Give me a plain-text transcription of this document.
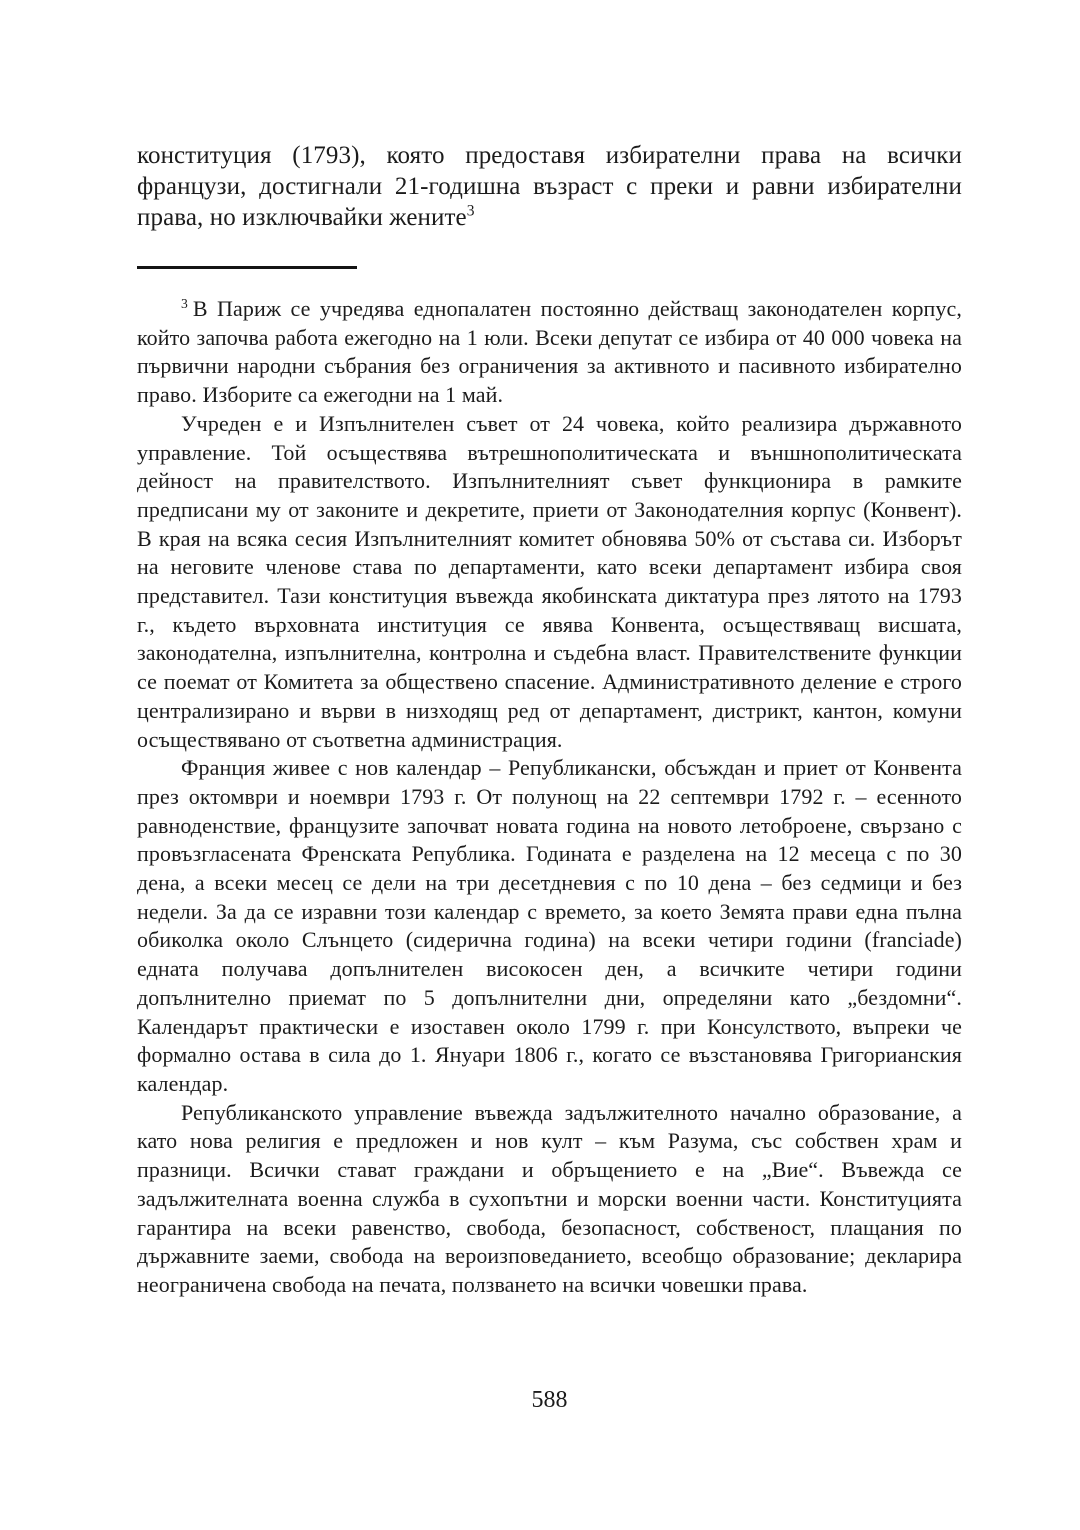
конституция (1793), която предоставя избирателни права на всички французи, достигнали 21-годишна възраст с преки и равни избирателни права, но изключвайки жените$^3$

$^3$ В Париж се учредява еднопалатен постоянно действащ законодателен корпус, който започва работа ежегодно на 1 юли. Всеки депутат се избира от 40 000 човека на първични народни събрания без ограничения за активното и пасивното избирателно право. Изборите са ежегодни на 1 май.

Учреден е и Изпълнителен съвет от 24 човека, който реализира държавното управление. Той осъществява вътрешнополитическата и външнополитическата дейност на правителството. Изпълнителният съвет функционира в рамките предписани му от законите и декретите, приети от Законодателния корпус (Конвент). В края на всяка сесия Изпълнителният комитет обновява 50% от състава си. Изборът на неговите членове става по департаменти, като всеки департамент избира своя представител. Тази конституция въвежда якобинската диктатура през лятото на 1793 г., където върховната институция се явява Конвента, осъществяващ висшата, законодателна, изпълнителна, контролна и съдебна власт. Правителствените функции се поемат от Комитета за обществено спасение. Административното деление е строго централизирано и върви в низходящ ред от департамент, дистрикт, кантон, комуни осъществявано от съответна администрация.

Франция живее с нов календар – Републикански, обсъждан и приет от Конвента през октомври и ноември 1793 г. От полунощ на 22 септември 1792 г. – есенното равноденствие, французите започват новата година на новото летоброене, свързано с провъзгласената Френската Република. Годината е разделена на 12 месеца с по 30 дена, а всеки месец се дели на три десетдневия с по 10 дена – без седмици и без недели. За да се изравни този календар с времето, за което Земята прави една пълна обиколка около Слънцето (сидерична година) на всеки четири години (franciade) едната получава допълнителен високосен ден, а всичките четири години допълнително приемат по 5 допълнителни дни, определяни като „бездомни“. Календарът практически е изоставен около 1799 г. при Консулството, въпреки че формално остава в сила до 1. Януари 1806 г., когато се възстановява Григорианския календар.

Републиканското управление въвежда задължителното начално образование, а като нова религия е предложен и нов култ – към Разума, със собствен храм и празници. Всички стават граждани и обръщението е на „Вие“. Въвежда се задължителната военна служба в сухопътни и морски военни части. Конституцията гарантира на всеки равенство, свобода, безопасност, собственост, плащания по държавните заеми, свобода на вероизповеданието, всеобщо образование; декларира неограничена свобода на печата, ползването на всички човешки права.

588
